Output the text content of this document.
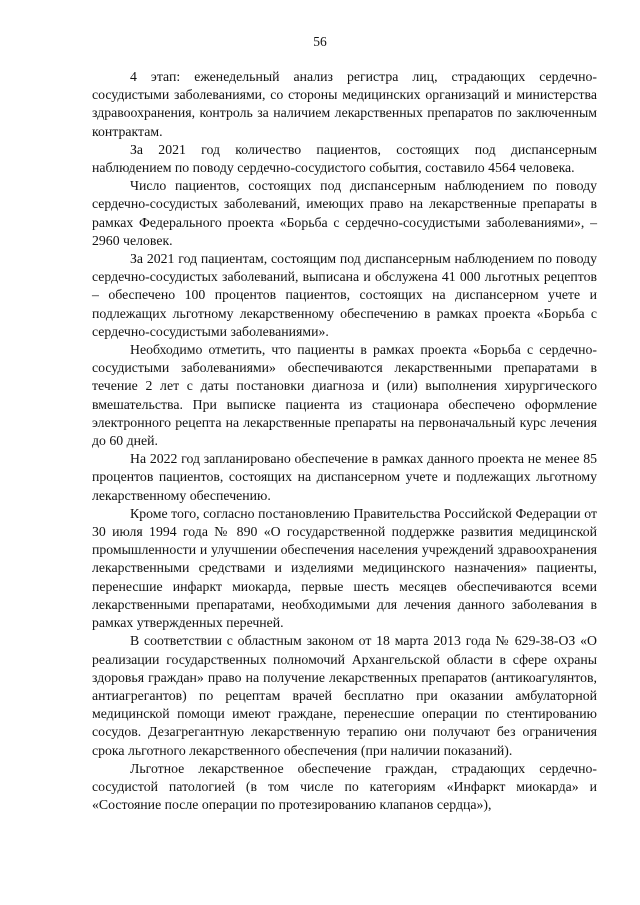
56

4 этап: еженедельный анализ регистра лиц, страдающих сердечно-сосудистыми заболеваниями, со стороны медицинских организаций и министерства здравоохранения, контроль за наличием лекарственных препаратов по заключенным контрактам.

За 2021 год количество пациентов, состоящих под диспансерным наблюдением по поводу сердечно-сосудистого события, составило 4564 человека.

Число пациентов, состоящих под диспансерным наблюдением по поводу сердечно-сосудистых заболеваний, имеющих право на лекарственные препараты в рамках Федерального проекта «Борьба с сердечно-сосудистыми заболеваниями», – 2960 человек.

За 2021 год пациентам, состоящим под диспансерным наблюдением по поводу сердечно-сосудистых заболеваний, выписана и обслужена 41 000 льготных рецептов – обеспечено 100 процентов пациентов, состоящих на диспансерном учете и подлежащих льготному лекарственному обеспечению в рамках проекта «Борьба с сердечно-сосудистыми заболеваниями».

Необходимо отметить, что пациенты в рамках проекта «Борьба с сердечно-сосудистыми заболеваниями» обеспечиваются лекарственными препаратами в течение 2 лет с даты постановки диагноза и (или) выполнения хирургического вмешательства. При выписке пациента из стационара обеспечено оформление электронного рецепта на лекарственные препараты на первоначальный курс лечения до 60 дней.

На 2022 год запланировано обеспечение в рамках данного проекта не менее 85 процентов пациентов, состоящих на диспансерном учете и подлежащих льготному лекарственному обеспечению.

Кроме того, согласно постановлению Правительства Российской Федерации от 30 июля 1994 года № 890 «О государственной поддержке развития медицинской промышленности и улучшении обеспечения населения учреждений здравоохранения лекарственными средствами и изделиями медицинского назначения» пациенты, перенесшие инфаркт миокарда, первые шесть месяцев обеспечиваются всеми лекарственными препаратами, необходимыми для лечения данного заболевания в рамках утвержденных перечней.

В соответствии с областным законом от 18 марта 2013 года № 629-38-ОЗ «О реализации государственных полномочий Архангельской области в сфере охраны здоровья граждан» право на получение лекарственных препаратов (антикоагулянтов, антиагрегантов) по рецептам врачей бесплатно при оказании амбулаторной медицинской помощи имеют граждане, перенесшие операции по стентированию сосудов. Дезагрегантную лекарственную терапию они получают без ограничения срока льготного лекарственного обеспечения (при наличии показаний).

Льготное лекарственное обеспечение граждан, страдающих сердечно-сосудистой патологией (в том числе по категориям «Инфаркт миокарда» и «Состояние после операции по протезированию клапанов сердца»),
